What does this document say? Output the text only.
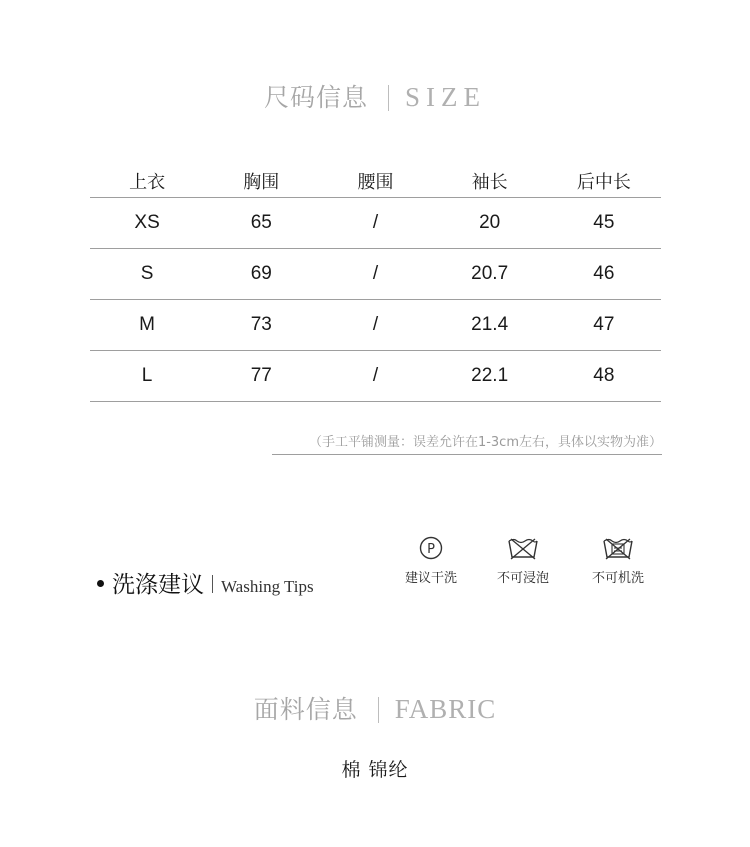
尺码信息 SIZE
上衣	胸围	腰围	袖长	后中长
XS	65	/	20	45
S	69	/	20.7	46
M	73	/	21.4	47
L	77	/	22.1	48
（手工平铺测量：误差允许在1-3cm左右，具体以实物为准）
洗涤建议 Washing Tips
P
建议干洗	不可浸泡	不可机洗
面料信息 FABRIC
棉 锦纶
